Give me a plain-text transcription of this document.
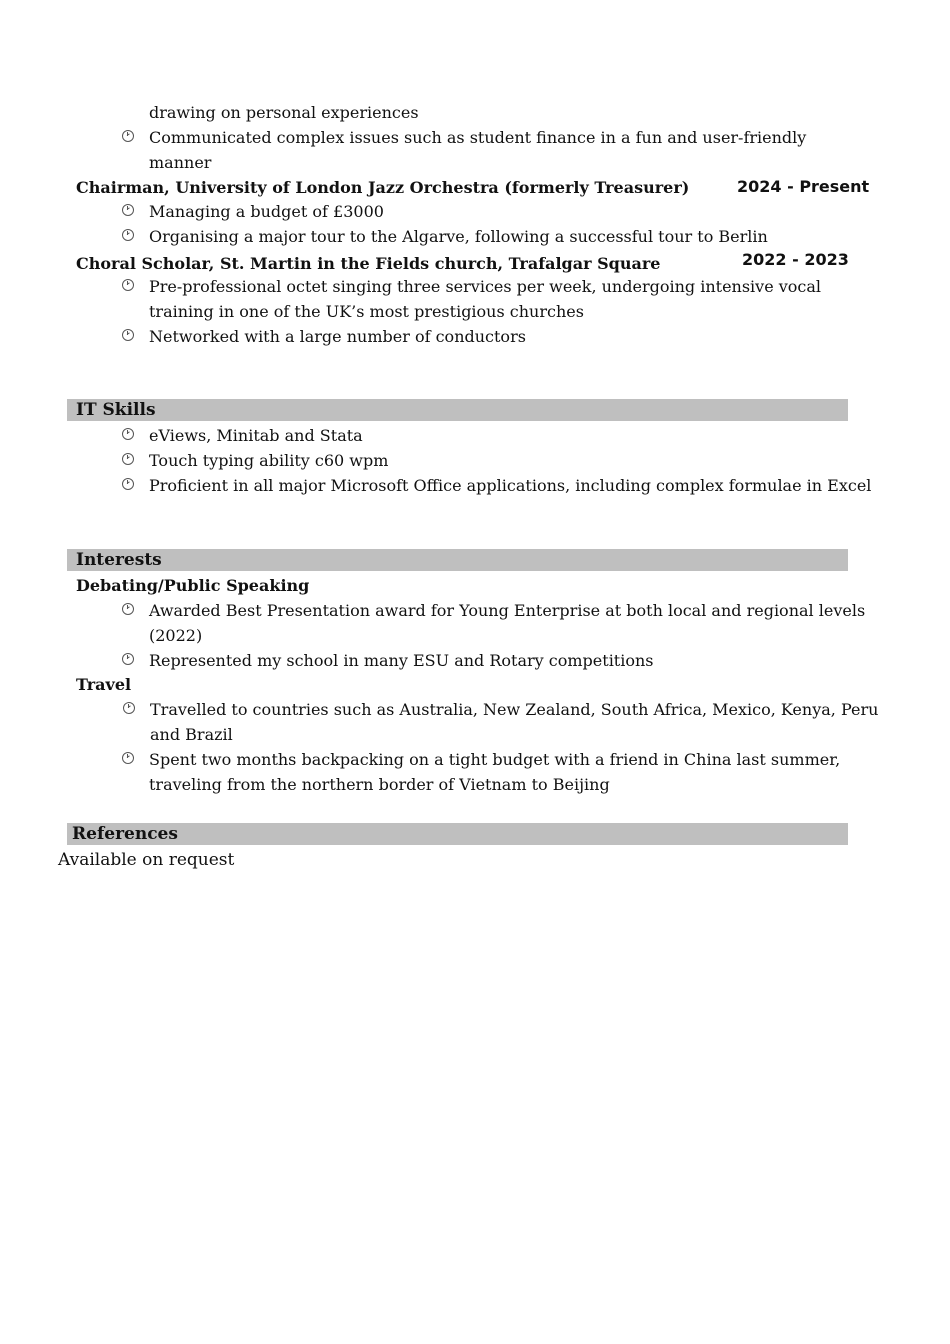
drawing on personal experiences
Communicated complex issues such as student finance in a fun and user-friendly
manner
Chairman, University of London Jazz Orchestra (formerly Treasurer)	2024 - Present
Managing a budget of £3000
Organising a major tour to the Algarve, following a successful tour to Berlin
Choral Scholar, St. Martin in the Fields church, Trafalgar Square	2022 - 2023
Pre-professional octet singing three services per week, undergoing intensive vocal
training in one of the UK’s most prestigious churches
Networked with a large number of conductors
IT Skills
eViews, Minitab and Stata
Touch typing ability c60 wpm
Proficient in all major Microsoft Office applications, including complex formulae in Excel
Interests
Debating/Public Speaking
Awarded Best Presentation award for Young Enterprise at both local and regional levels
(2022)
Represented my school in many ESU and Rotary competitions
Travel
Travelled to countries such as Australia, New Zealand, South Africa, Mexico, Kenya, Peru
and Brazil
Spent two months backpacking on a tight budget with a friend in China last summer,
traveling from the northern border of Vietnam to Beijing
References
Available on request
